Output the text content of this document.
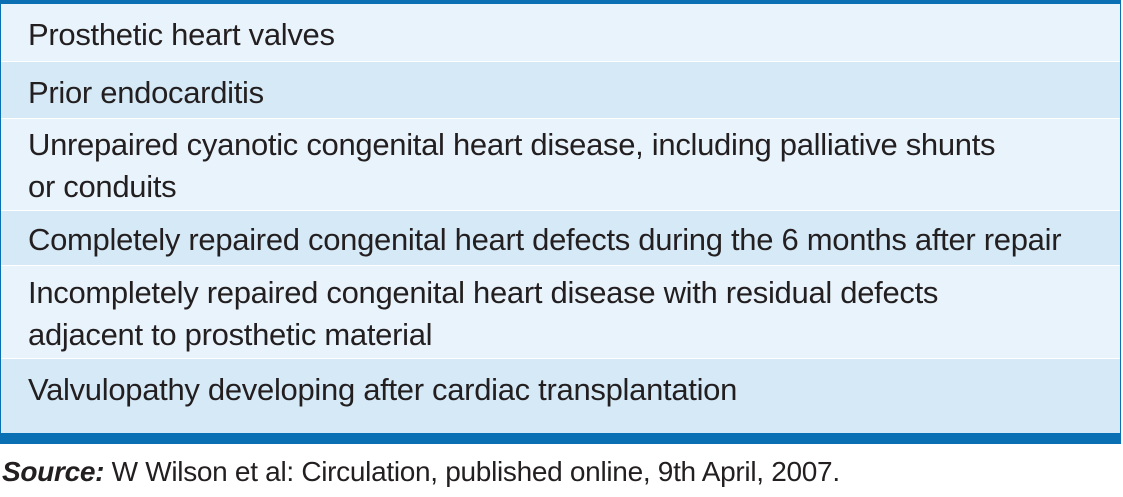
Prosthetic heart valves
Prior endocarditis
Unrepaired cyanotic congenital heart disease, including palliative shunts
or conduits
Completely repaired congenital heart defects during the 6 months after repair
Incompletely repaired congenital heart disease with residual defects
adjacent to prosthetic material
Valvulopathy developing after cardiac transplantation
Source: W Wilson et al: Circulation, published online, 9th April, 2007.
